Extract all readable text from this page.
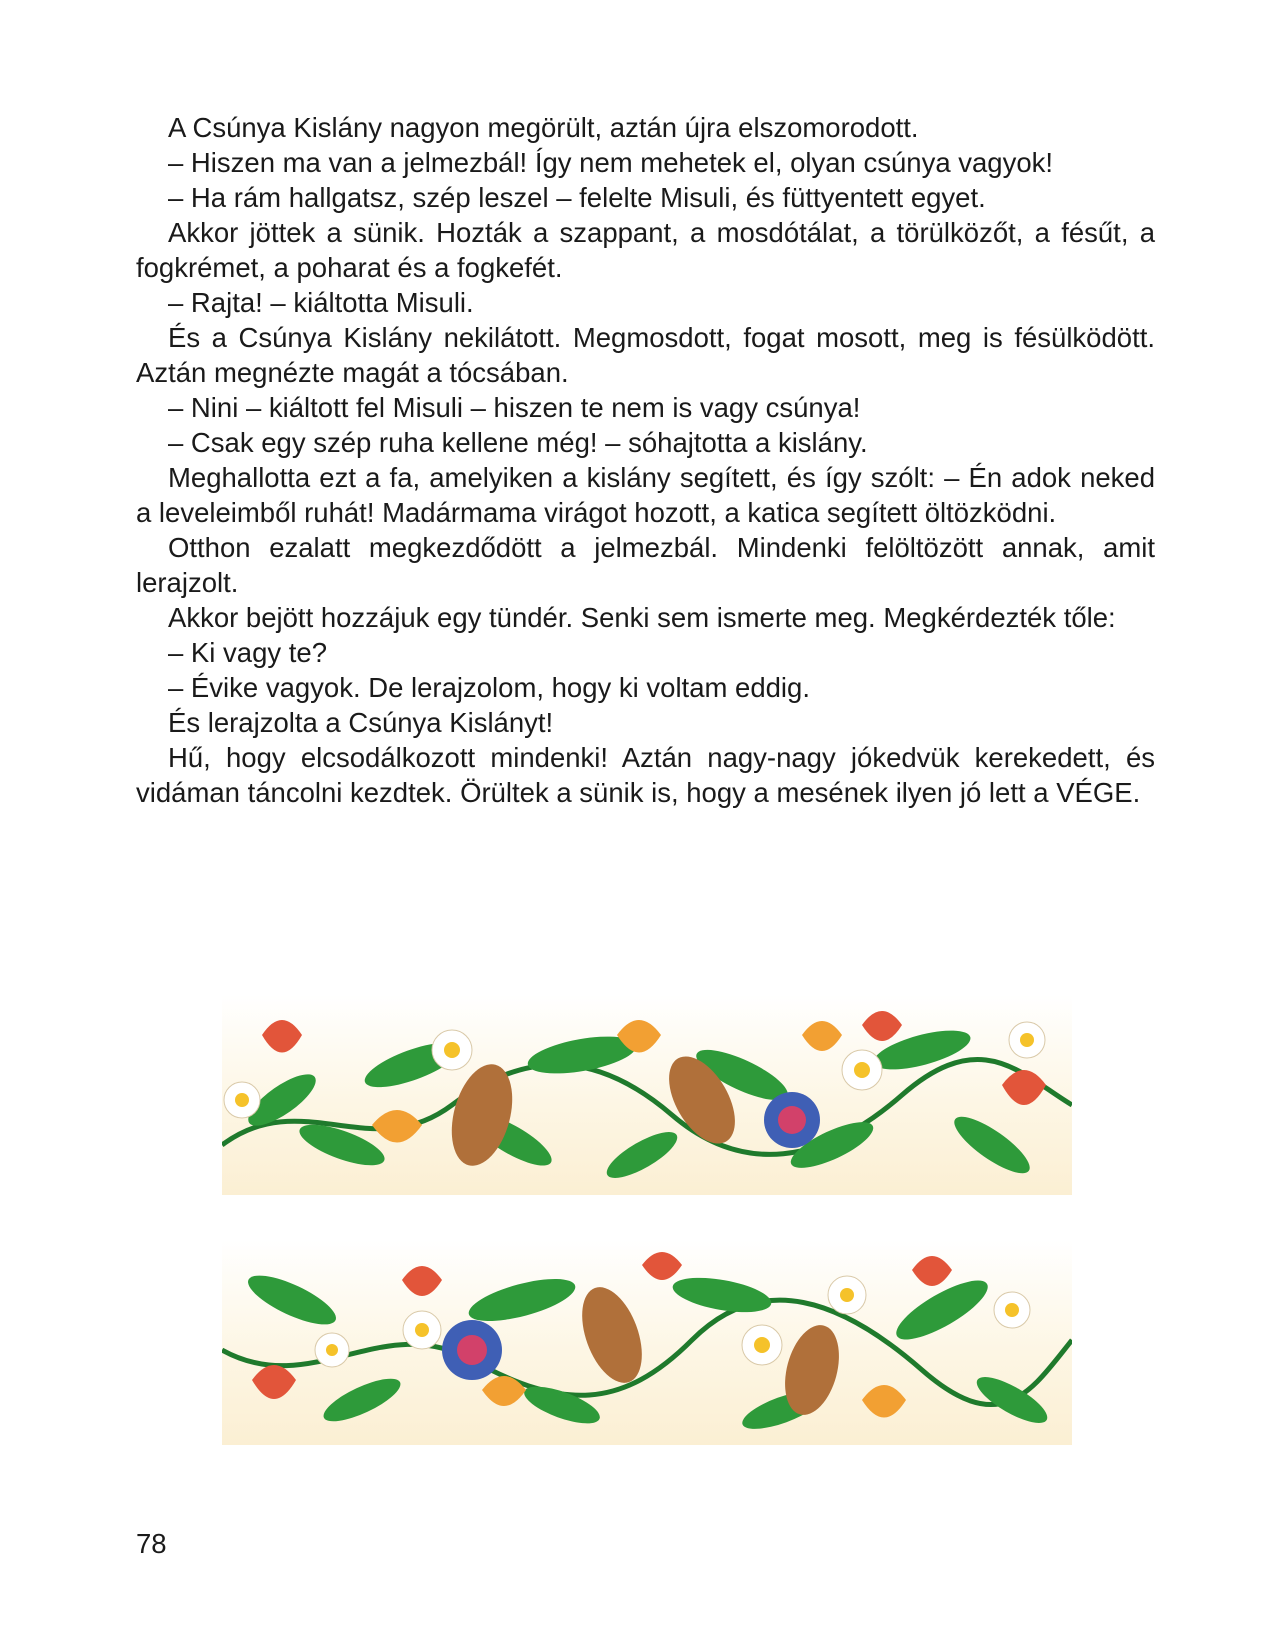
A Csúnya Kislány nagyon megörült, aztán újra elszomorodott.

– Hiszen ma van a jelmezbál! Így nem mehetek el, olyan csúnya vagyok!

– Ha rám hallgatsz, szép leszel – felelte Misuli, és füttyentett egyet.

Akkor jöttek a sünik. Hozták a szappant, a mosdótálat, a törülközőt, a fésűt, a fogkrémet, a poharat és a fogkefét.

– Rajta! – kiáltotta Misuli.

És a Csúnya Kislány nekilátott. Megmosdott, fogat mosott, meg is fésülködött. Aztán megnézte magát a tócsában.

– Nini – kiáltott fel Misuli – hiszen te nem is vagy csúnya!

– Csak egy szép ruha kellene még! – sóhajtotta a kislány.

Meghallotta ezt a fa, amelyiken a kislány segített, és így szólt: – Én adok neked a leveleimből ruhát! Madármama virágot hozott, a katica segített öltözködni.

Otthon ezalatt megkezdődött a jelmezbál. Mindenki felöltözött annak, amit lerajzolt.

Akkor bejött hozzájuk egy tündér. Senki sem ismerte meg. Megkérdezték tőle:

– Ki vagy te?

– Évike vagyok. De lerajzolom, hogy ki voltam eddig.

És lerajzolta a Csúnya Kislányt!

Hű, hogy elcsodálkozott mindenki! Aztán nagy-nagy jókedvük kerekedett, és vidáman táncolni kezdtek. Örültek a sünik is, hogy a mesének ilyen jó lett a VÉGE.

78
